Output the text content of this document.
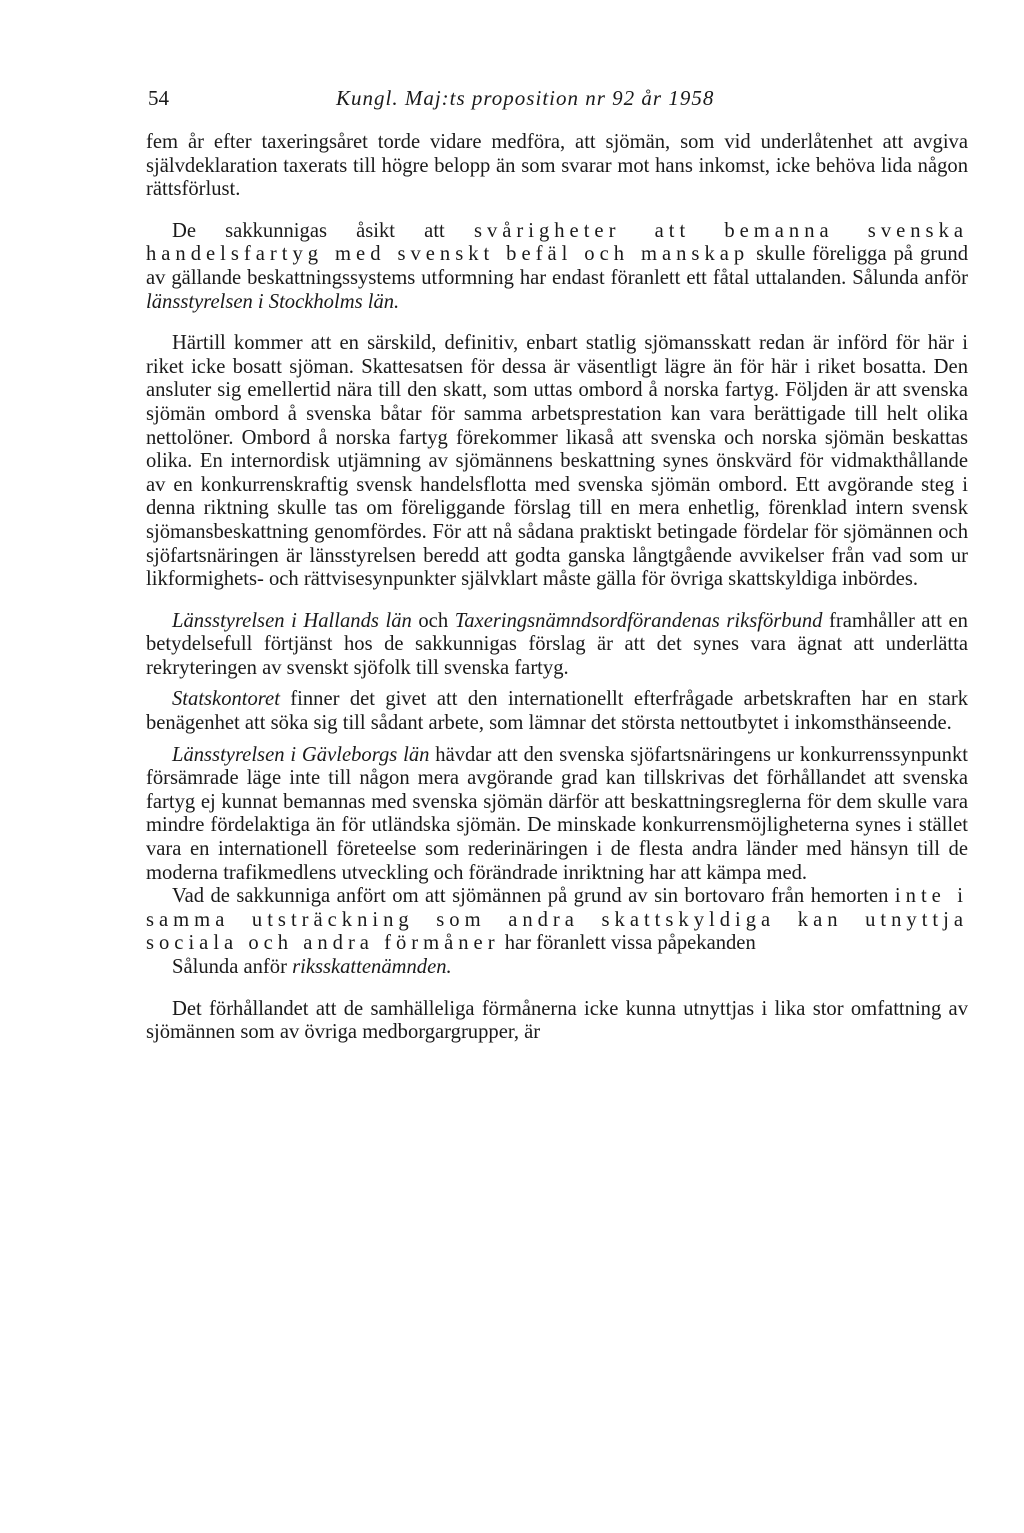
54	Kungl. Maj:ts proposition nr 92 år 1958

fem år efter taxeringsåret torde vidare medföra, att sjömän, som vid underlåtenhet att avgiva självdeklaration taxerats till högre belopp än som svarar mot hans inkomst, icke behöva lida någon rättsförlust.

De sakkunnigas åsikt att svårigheter att bemanna svenska handelsfartyg med svenskt befäl och manskap skulle föreligga på grund av gällande beskattningssystems utformning har endast föranlett ett fåtal uttalanden. Sålunda anför länsstyrelsen i Stockholms län.

Härtill kommer att en särskild, definitiv, enbart statlig sjömansskatt redan är införd för här i riket icke bosatt sjöman. Skattesatsen för dessa är väsentligt lägre än för här i riket bosatta. Den ansluter sig emellertid nära till den skatt, som uttas ombord å norska fartyg. Följden är att svenska sjömän ombord å svenska båtar för samma arbetsprestation kan vara berättigade till helt olika nettolöner. Ombord å norska fartyg förekommer likaså att svenska och norska sjömän beskattas olika. En internordisk utjämning av sjömännens beskattning synes önskvärd för vidmakthållande av en konkurrenskraftig svensk handelsflotta med svenska sjömän ombord. Ett avgörande steg i denna riktning skulle tas om föreliggande förslag till en mera enhetlig, förenklad intern svensk sjömansbeskattning genomfördes. För att nå sådana praktiskt betingade fördelar för sjömännen och sjöfartsnäringen är länsstyrelsen beredd att godta ganska långtgående avvikelser från vad som ur likformighets- och rättvisesynpunkter självklart måste gälla för övriga skattskyldiga inbördes.

Länsstyrelsen i Hallands län och Taxeringsnämndsordförandenas riksförbund framhåller att en betydelsefull förtjänst hos de sakkunnigas förslag är att det synes vara ägnat att underlätta rekryteringen av svenskt sjöfolk till svenska fartyg.

Statskontoret finner det givet att den internationellt efterfrågade arbetskraften har en stark benägenhet att söka sig till sådant arbete, som lämnar det största nettoutbytet i inkomsthänseende.

Länsstyrelsen i Gävleborgs län hävdar att den svenska sjöfartsnäringens ur konkurrenssynpunkt försämrade läge inte till någon mera avgörande grad kan tillskrivas det förhållandet att svenska fartyg ej kunnat bemannas med svenska sjömän därför att beskattningsreglerna för dem skulle vara mindre fördelaktiga än för utländska sjömän. De minskade konkurrensmöjligheterna synes i stället vara en internationell företeelse som rederinäringen i de flesta andra länder med hänsyn till de moderna trafikmedlens utveckling och förändrade inriktning har att kämpa med.

Vad de sakkunniga anfört om att sjömännen på grund av sin bortovaro från hemorten inte i samma utsträckning som andra skattskyldiga kan utnyttja sociala och andra förmåner har föranlett vissa påpekanden

Sålunda anför riksskattenämnden.

Det förhållandet att de samhälleliga förmånerna icke kunna utnyttjas i lika stor omfattning av sjömännen som av övriga medborgargrupper, är
